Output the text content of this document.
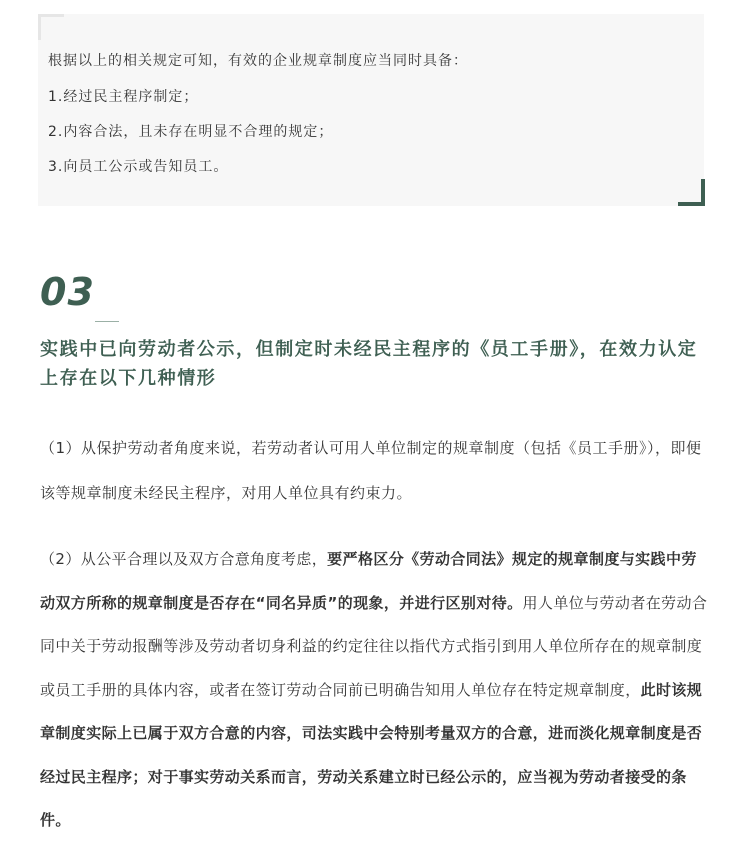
根据以上的相关规定可知，有效的企业规章制度应当同时具备：
1.经过民主程序制定；
2.内容合法，且未存在明显不合理的规定；
3.向员工公示或告知员工。
03
实践中已向劳动者公示，但制定时未经民主程序的《员工手册》，在效力认定上存在以下几种情形
（1）从保护劳动者角度来说，若劳动者认可用人单位制定的规章制度（包括《员工手册》），即便该等规章制度未经民主程序，对用人单位具有约束力。
（2）从公平合理以及双方合意角度考虑，要严格区分《劳动合同法》规定的规章制度与实践中劳动双方所称的规章制度是否存在“同名异质”的现象，并进行区别对待。用人单位与劳动者在劳动合同中关于劳动报酬等涉及劳动者切身利益的约定往往以指代方式指引到用人单位所存在的规章制度或员工手册的具体内容，或者在签订劳动合同前已明确告知用人单位存在特定规章制度，此时该规章制度实际上已属于双方合意的内容，司法实践中会特别考量双方的合意，进而淡化规章制度是否经过民主程序；对于事实劳动关系而言，劳动关系建立时已经公示的，应当视为劳动者接受的条件。
